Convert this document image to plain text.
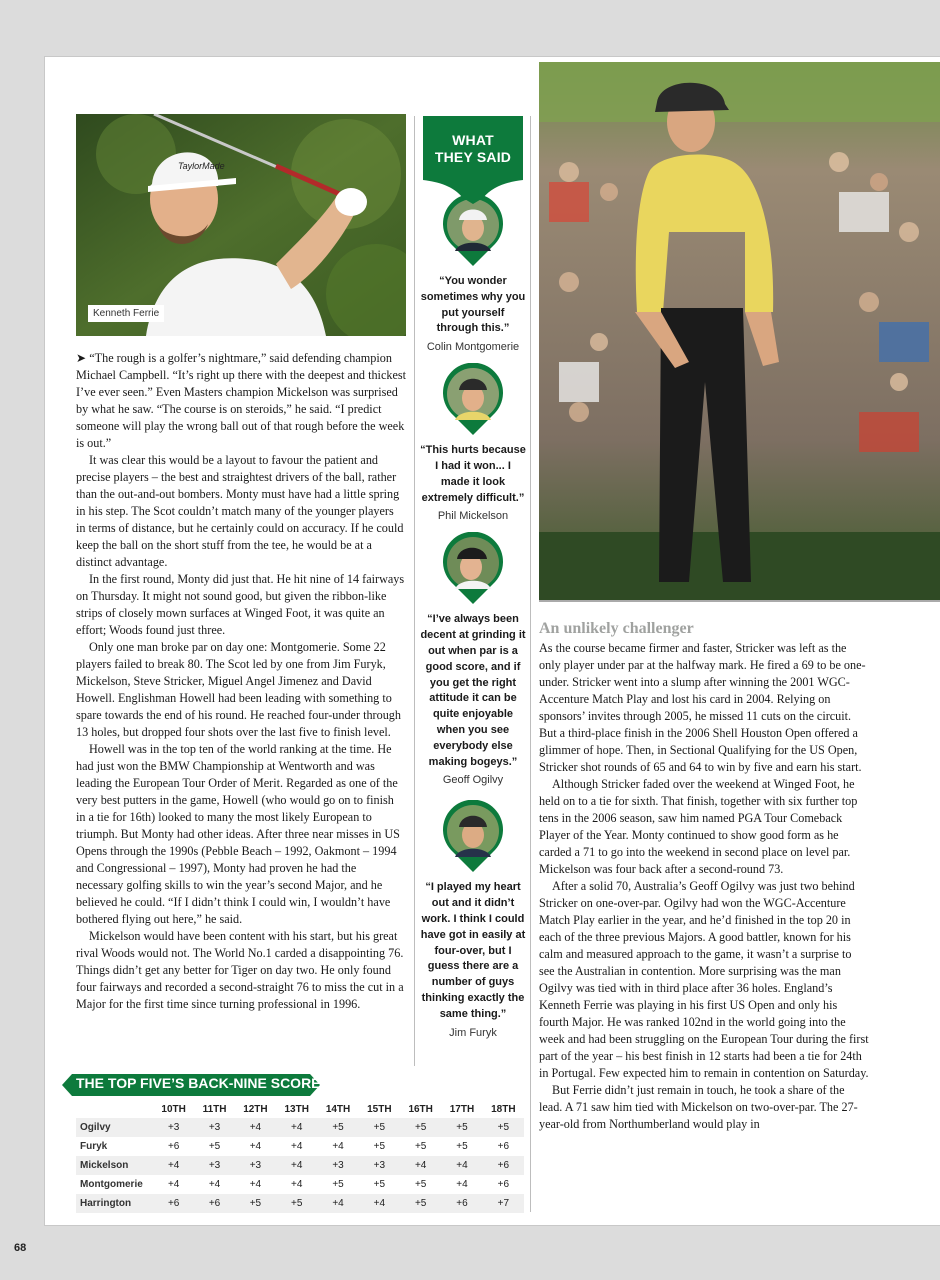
TaylorMade
Kenneth Ferrie

➤ “The rough is a golfer’s nightmare,” said defending champion Michael Campbell. “It’s right up there with the deepest and thickest I’ve ever seen.” Even Masters champion Mickelson was surprised by what he saw. “The course is on steroids,” he said. “I predict someone will play the wrong ball out of that rough before the week is out.”

It was clear this would be a layout to favour the patient and precise players – the best and straightest drivers of the ball, rather than the out-and-out bombers. Monty must have had a little spring in his step. The Scot couldn’t match many of the younger players in terms of distance, but he certainly could on accuracy. If he could keep the ball on the short stuff from the tee, he would be at a distinct advantage.

In the first round, Monty did just that. He hit nine of 14 fairways on Thursday. It might not sound good, but given the ribbon-like strips of closely mown surfaces at Winged Foot, it was quite an effort; Woods found just three.

Only one man broke par on day one: Montgomerie. Some 22 players failed to break 80. The Scot led by one from Jim Furyk, Mickelson, Steve Stricker, Miguel Angel Jimenez and David Howell. Englishman Howell had been leading with something to spare towards the end of his round. He reached four-under through 13 holes, but dropped four shots over the last five to finish level.

Howell was in the top ten of the world ranking at the time. He had just won the BMW Championship at Wentworth and was leading the European Tour Order of Merit. Regarded as one of the very best putters in the game, Howell (who would go on to finish in a tie for 16th) looked to many the most likely European to triumph. But Monty had other ideas. After three near misses in US Opens through the 1990s (Pebble Beach – 1992, Oakmont – 1994 and Congressional – 1997), Monty had proven he had the necessary golfing skills to win the year’s second Major, and he believed he could. “If I didn’t think I could win, I wouldn’t have bothered flying out here,” he said.

Mickelson would have been content with his start, but his great rival Woods would not. The World No.1 carded a disappointing 76. Things didn’t get any better for Tiger on day two. He only found four fairways and recorded a second-straight 76 to miss the cut in a Major for the first time since turning professional in 1996.

WHAT
THEY SAID
“You wonder sometimes why you put yourself through this.”
Colin Montgomerie
“This hurts because I had it won... I made it look extremely difficult.”
Phil Mickelson
“I’ve always been decent at grinding it out when par is a good score, and if you get the right attitude it can be quite enjoyable when you see everybody else making bogeys.”
Geoff Ogilvy
“I played my heart out and it didn’t work. I think I could have got in easily at four-over, but I guess there are a number of guys thinking exactly the same thing.”
Jim Furyk
An unlikely challenger

As the course became firmer and faster, Stricker was left as the only player under par at the halfway mark. He fired a 69 to be one-under. Stricker went into a slump after winning the 2001 WGC-Accenture Match Play and lost his card in 2004. Relying on sponsors’ invites through 2005, he missed 11 cuts on the circuit. But a third-place finish in the 2006 Shell Houston Open offered a glimmer of hope. Then, in Sectional Qualifying for the US Open, Stricker shot rounds of 65 and 64 to win by five and earn his start.

Although Stricker faded over the weekend at Winged Foot, he held on to a tie for sixth. That finish, together with six further top tens in the 2006 season, saw him named PGA Tour Comeback Player of the Year. Monty continued to show good form as he carded a 71 to go into the weekend in second place on level par. Mickelson was four back after a second-round 73.

After a solid 70, Australia’s Geoff Ogilvy was just two behind Stricker on one-over-par. Ogilvy had won the WGC-Accenture Match Play earlier in the year, and he’d finished in the top 20 in each of the three previous Majors. A good battler, known for his calm and measured approach to the game, it wasn’t a surprise to see the Australian in contention. More surprising was the man Ogilvy was tied with in third place after 36 holes. England’s Kenneth Ferrie was playing in his first US Open and only his fourth Major. He was ranked 102nd in the world going into the week and had been struggling on the European Tour during the first part of the year – his best finish in 12 starts had been a tie for 24th in Portugal. Few expected him to remain in contention on Saturday.

But Ferrie didn’t just remain in touch, he took a share of the lead. A 71 saw him tied with Mickelson on two-over-par. The 27-year-old from Northumberland would play in

THE TOP FIVE’S BACK-NINE SCORES
	10TH	11TH	12TH	13TH	14TH	15TH	16TH	17TH	18TH
Ogilvy	+3	+3	+4	+4	+5	+5	+5	+5	+5
Furyk	+6	+5	+4	+4	+4	+5	+5	+5	+6
Mickelson	+4	+3	+3	+4	+3	+3	+4	+4	+6
Montgomerie	+4	+4	+4	+4	+5	+5	+5	+4	+6
Harrington	+6	+6	+5	+5	+4	+4	+5	+6	+7
68
